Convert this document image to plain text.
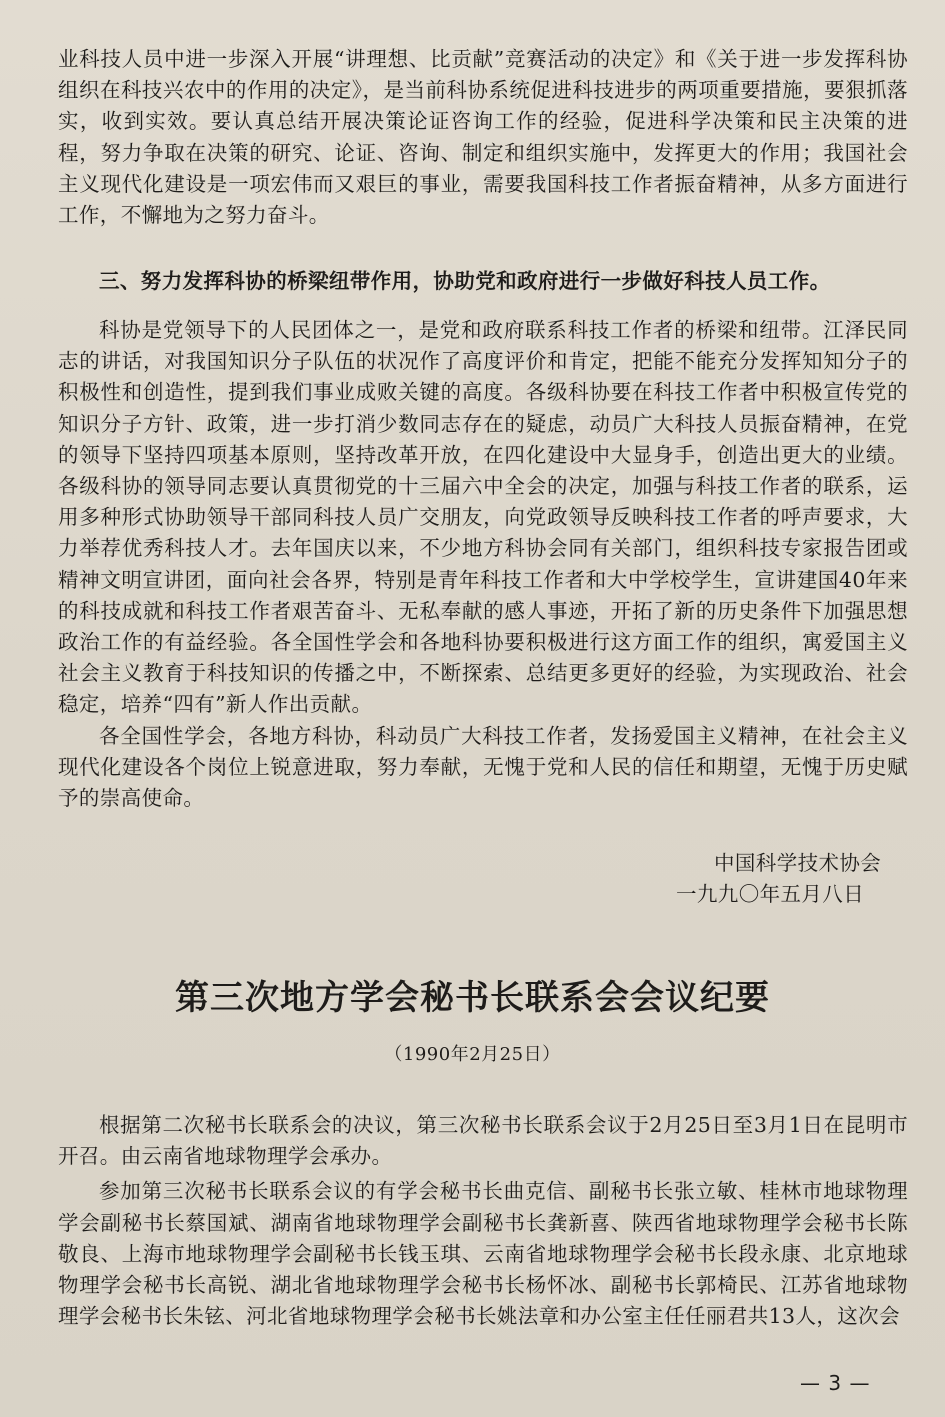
业科技人员中进一步深入开展“讲理想、比贡献”竞赛活动的决定》和《关于进一步发挥科协组织在科技兴农中的作用的决定》，是当前科协系统促进科技进步的两项重要措施，要狠抓落实，收到实效。要认真总结开展决策论证咨询工作的经验，促进科学决策和民主决策的进程，努力争取在决策的研究、论证、咨询、制定和组织实施中，发挥更大的作用；我国社会主义现代化建设是一项宏伟而又艰巨的事业，需要我国科技工作者振奋精神，从多方面进行工作，不懈地为之努力奋斗。

三、努力发挥科协的桥梁纽带作用，协助党和政府进行一步做好科技人员工作。

科协是党领导下的人民团体之一，是党和政府联系科技工作者的桥梁和纽带。江泽民同志的讲话，对我国知识分子队伍的状况作了高度评价和肯定，把能不能充分发挥知知分子的积极性和创造性，提到我们事业成败关键的高度。各级科协要在科技工作者中积极宣传党的知识分子方针、政策，进一步打消少数同志存在的疑虑，动员广大科技人员振奋精神，在党的领导下坚持四项基本原则，坚持改革开放，在四化建设中大显身手，创造出更大的业绩。各级科协的领导同志要认真贯彻党的十三届六中全会的决定，加强与科技工作者的联系，运用多种形式协助领导干部同科技人员广交朋友，向党政领导反映科技工作者的呼声要求，大力举荐优秀科技人才。去年国庆以来，不少地方科协会同有关部门，组织科技专家报告团或精神文明宣讲团，面向社会各界，特别是青年科技工作者和大中学校学生，宣讲建国40年来的科技成就和科技工作者艰苦奋斗、无私奉献的感人事迹，开拓了新的历史条件下加强思想政治工作的有益经验。各全国性学会和各地科协要积极进行这方面工作的组织，寓爱国主义社会主义教育于科技知识的传播之中，不断探索、总结更多更好的经验，为实现政治、社会稳定，培养“四有”新人作出贡献。

各全国性学会，各地方科协，科动员广大科技工作者，发扬爱国主义精神，在社会主义现代化建设各个岗位上锐意进取，努力奉献，无愧于党和人民的信任和期望，无愧于历史赋予的崇高使命。

中国科学技术协会
一九九〇年五月八日
第三次地方学会秘书长联系会会议纪要
（1990年2月25日）

根据第二次秘书长联系会的决议，第三次秘书长联系会议于2月25日至3月1日在昆明市开召。由云南省地球物理学会承办。

参加第三次秘书长联系会议的有学会秘书长曲克信、副秘书长张立敏、桂林市地球物理学会副秘书长蔡国斌、湖南省地球物理学会副秘书长龚新喜、陕西省地球物理学会秘书长陈敬良、上海市地球物理学会副秘书长钱玉琪、云南省地球物理学会秘书长段永康、北京地球物理学会秘书长高锐、湖北省地球物理学会秘书长杨怀冰、副秘书长郭椅民、江苏省地球物理学会秘书长朱铉、河北省地球物理学会秘书长姚法章和办公室主任任丽君共13人，这次会

— 3 —
